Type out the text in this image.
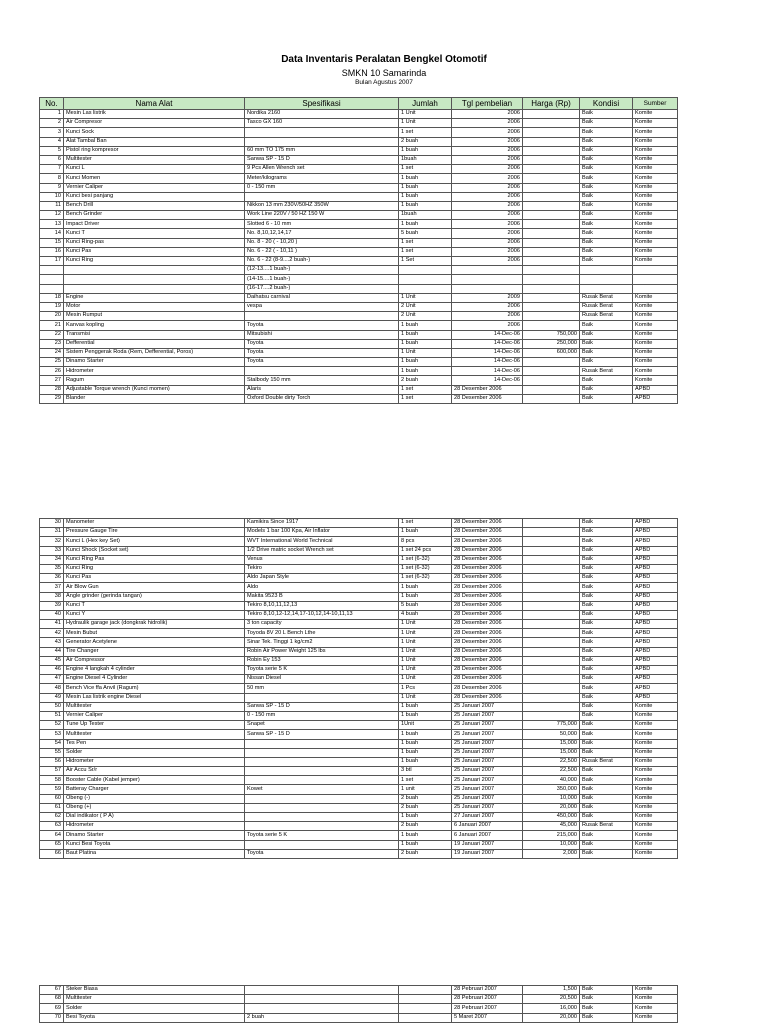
Data Inventaris Peralatan Bengkel Otomotif
SMKN 10 Samarinda
Bulan Agustus 2007
No.	Nama Alat	Spesifikasi	Jumlah	Tgl pembelian	Harga (Rp)	Kondisi	Sumber
1	Mesin Las listrik	Nordika 2160	1 Unit	2006		Baik	Komite
2	Air Compresor	Tasco GX 160	1 Unit	2006		Baik	Komite
3	Kunci Sock		1 set	2006		Baik	Komite
4	Alat Tambal Ban		2 buah	2006		Baik	Komite
5	Pistol ring kompresor	60 mm TO 175 mm	1 buah	2006		Baik	Komite
6	Multitester	Sanwa SP - 15 D	1buah	2006		Baik	Komite
7	Kunci L	9 Pcs Allen Wrench set	1 set	2006		Baik	Komite
8	Kunci Momen	Meter/kilograms	1 buah	2006		Baik	Komite
9	Vernier Caliper	0 - 150 mm	1 buah	2006		Baik	Komite
10	Kunci besi panjang		1 buah	2006		Baik	Komite
11	Bench Drill	Nikkon 13 mm 230V/50HZ 350W	1 buah	2006		Baik	Komite
12	Bench Grinder	Work Line 220V / 50 HZ 150 W	1buah	2006		Baik	Komite
13	Impact Driver	Slotted 6 - 10 mm	1 buah	2006		Baik	Komite
14	Kunci T	No. 8,10,12,14,17	5 buah	2006		Baik	Komite
15	Kunci Ring-pas	No. 8 - 20 ( - 10,20 )	1 set	2006		Baik	Komite
16	Kunci Pas	No. 6 - 22 ( - 10,11 )	1 set	2006		Baik	Komite
17	Kunci Ring	No. 6 - 22 (8-9....2 buah-)	1 Set	2006		Baik	Komite
		(12-13....1 buah-)					
		(14-15....1 buah-)					
		(16-17....2 buah-)					
18	Engine	Daihatsu carnival	1 Unit	2009		Rusak Berat	Komite
19	Motor	vespa	2 Unit	2006		Rusak Berat	Komite
20	Mesin Rumput		2 Unit	2006		Rusak Berat	Komite
21	Kanvas kopling	Toyota	1 buah	2006		Baik	Komite
22	Transmisi	Mitsubishi	1 buah	14-Dec-06	750,000	Baik	Komite
23	Defferential	Toyota	1 buah	14-Dec-06	250,000	Baik	Komite
24	Sistem Penggerak Roda (Rem, Defferential, Poros)	Toyota	1 Unit	14-Dec-06	600,000	Baik	Komite
25	Dinamo Starter	Toyota	1 buah	14-Dec-06		Baik	Komite
26	Hidrometer		1 buah	14-Dec-06		Rusak Berat	Komite
27	Ragum	Stalbody 150 mm	2 buah	14-Dec-06		Baik	Komite
28	Adjustable Torque wrench (Kunci momen)	Alaris	1 set	28 Desember 2006		Baik	APBD
29	Blander	Oxford Double dirty Torch	1 set	28 Desember 2006		Baik	APBD
30	Manometer	Kamikira Since 1917	1 set	28 Desember 2006		Baik	APBD
31	Pressure Gauge Tire	Models 1 bar 100 Kpa, Air Inflator	1 buah	28 Desember 2006		Baik	APBD
32	Kunci L (Hex key Set)	WVT International World Technical	8 pcs	28 Desember 2006		Baik	APBD
33	Kunci Shock (Socket set)	1/2 Drive matric socket Wrench set	1 set 24 pcs	28 Desember 2006		Baik	APBD
34	Kunci Ring Pas	Venus	1 set (6-32)	28 Desember 2006		Baik	APBD
35	Kunci Ring	Tekiro	1 set (6-32)	28 Desember 2006		Baik	APBD
36	Kunci Pas	Aldo Japan Style	1 set (6-32)	28 Desember 2006		Baik	APBD
37	Air Blow Gun	Aldo	1 buah	28 Desember 2006		Baik	APBD
38	Angle grinder (gerinda tangan)	Makita 9523 B	1 buah	28 Desember 2006		Baik	APBD
39	Kunci T	Tekiro 8,10,11,12,13	5 buah	28 Desember 2006		Baik	APBD
40	Kunci Y	Tekiro 8,10,12-12,14,17-10,12,14-10,11,13	4 buah	28 Desember 2006		Baik	APBD
41	Hydraulik garage jack (dongkrak hidrolik)	3 ton capacity	1 Unit	28 Desember 2006		Baik	APBD
42	Mesin Bubut	Toyoda 8V 20 L Bench Lthe	1 Unit	28 Desember 2006		Baik	APBD
43	Generator Acetylene	Sinar Tek. Tinggi 1 kg/cm2	1 Unit	28 Desember 2006		Baik	APBD
44	Tire Changer	Robin Air Power Weight 125 lbs	1 Unit	28 Desember 2006		Baik	APBD
45	Air Compressor	Robin Ey 153	1 Unit	28 Desember 2006		Baik	APBD
46	Engine 4 langkah 4 cylinder	Toyota serie 5 K	1 Unit	28 Desember 2006		Baik	APBD
47	Engine Diesel 4 Cylinder	Nissan Diesel	1 Unit	28 Desember 2006		Baik	APBD
48	Bench Vice ffa Anvil (Ragum)	50 mm	1 Pcs	28 Desember 2006		Baik	APBD
49	Mesin Las listrik engine Diesel		1 Unit	28 Desember 2006		Baik	APBD
50	Multitester	Sanwa SP - 15 D	1 buah	25 Januari 2007		Baik	Komite
51	Vernier Caliper	0 - 150 mm	1 buah	25 Januari 2007		Baik	Komite
52	Tune Up Tester	Snapet	1Unit	25 Januari 2007	775,000	Baik	Komite
53	Multitester	Sanwa SP - 15 D	1 buah	25 Januari 2007	50,000	Baik	Komite
54	Tes Pen		1 buah	25 Januari 2007	15,000	Baik	Komite
55	Solder		1 buah	25 Januari 2007	15,000	Baik	Komite
56	Hidrometer		1 buah	25 Januari 2007	22,500	Rusak Berat	Komite
57	Air Accu Sr/r		3 btl	25 Januari 2007	22,500	Baik	Komite
58	Booster Cable (Kabel jemper)		1 set	25 Januari 2007	40,000	Baik	Komite
59	Batteray Charger	Kowet	1 unit	25 Januari 2007	350,000	Baik	Komite
60	Obeng (-)		2 buah	25 Januari 2007	10,000	Baik	Komite
61	Obeng (+)		2 buah	25 Januari 2007	20,000	Baik	Komite
62	Dial indikator ( P A)		1 buah	27 Januari 2007	450,000	Baik	Komite
63	Hidrometer		2 buah	6 Januari 2007	45,000	Rusak Berat	Komite
64	Dinamo Starter	Toyota serie 5 K	1 buah	6 Januari 2007	215,000	Baik	Komite
65	Kunci Besi Toyota		1 buah	19 Januari 2007	10,000	Baik	Komite
66	Baut Platina	Toyota	2 buah	19 Januari 2007	2,000	Baik	Komite
67	Steker Biasa			28 Pebruari 2007	1,500	Baik	Komite
68	Multitester			28 Pebruari 2007	20,500	Baik	Komite
69	Solder			28 Pebruari 2007	16,000	Baik	Komite
70	Besi Toyota	2 buah		5 Maret 2007	20,000	Baik	Komite
